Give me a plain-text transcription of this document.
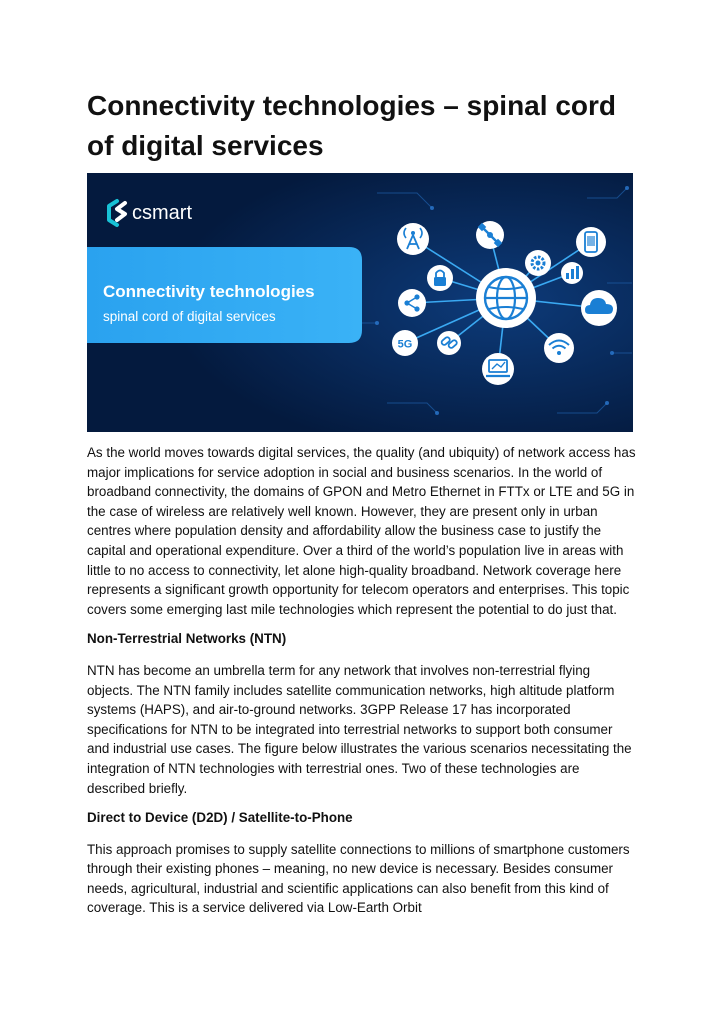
Connectivity technologies – spinal cord of digital services
csmart
Connectivity technologies
spinal cord of digital services
5G

As the world moves towards digital services, the quality (and ubiquity) of network access has major implications for service adoption in social and business scenarios. In the world of broadband connectivity, the domains of GPON and Metro Ethernet in FTTx or LTE and 5G in the case of wireless are relatively well known. However, they are present only in urban centres where population density and affordability allow the business case to justify the capital and operational expenditure. Over a third of the world’s population live in areas with little to no access to connectivity, let alone high-quality broadband. Network coverage here represents a significant growth opportunity for telecom operators and enterprises. This topic covers some emerging last mile technologies which represent the potential to do just that.

Non-Terrestrial Networks (NTN)

NTN has become an umbrella term for any network that involves non-terrestrial flying objects. The NTN family includes satellite communication networks, high altitude platform systems (HAPS), and air-to-ground networks. 3GPP Release 17 has incorporated specifications for NTN to be integrated into terrestrial networks to support both consumer and industrial use cases. The figure below illustrates the various scenarios necessitating the integration of NTN technologies with terrestrial ones. Two of these technologies are described briefly.

Direct to Device (D2D) / Satellite-to-Phone

This approach promises to supply satellite connections to millions of smartphone customers through their existing phones – meaning, no new device is necessary. Besides consumer needs, agricultural, industrial and scientific applications can also benefit from this kind of coverage. This is a service delivered via Low-Earth Orbit
